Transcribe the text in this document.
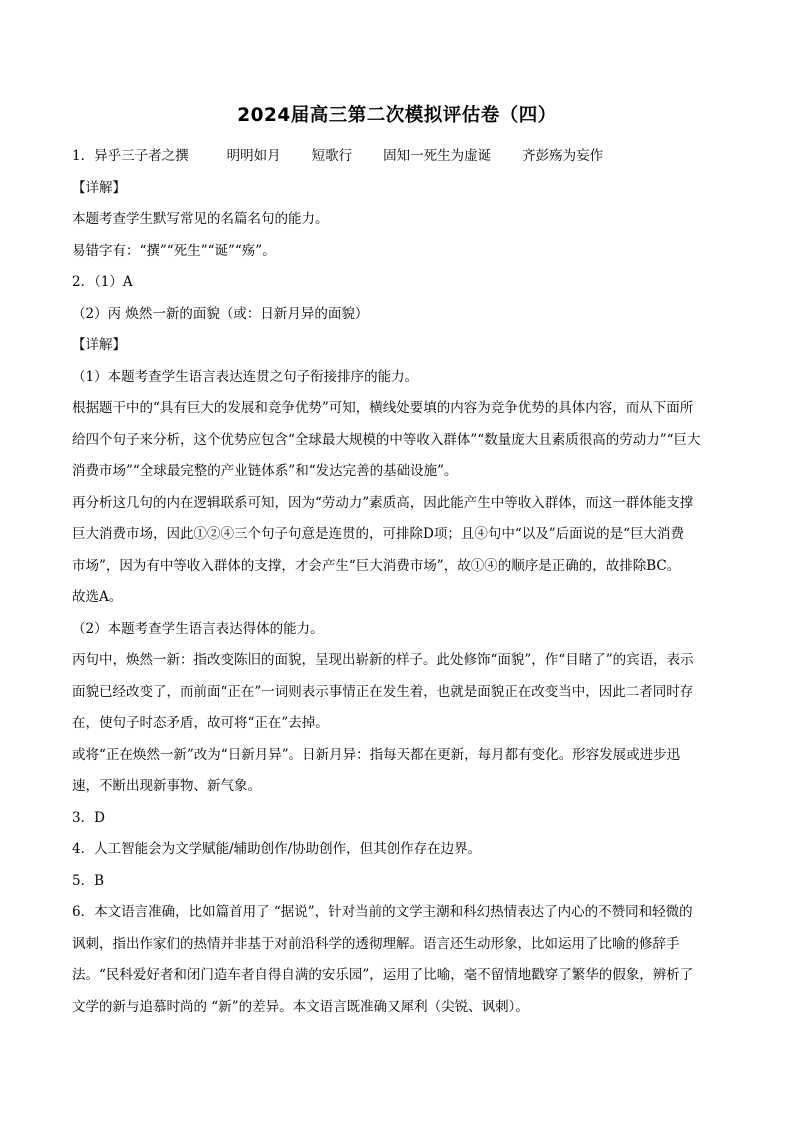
2024届高三第二次模拟评估卷（四）
1．异乎三子者之撰	明明如月 短歌行 固知一死生为虚诞 齐彭殇为妄作
【详解】
本题考查学生默写常见的名篇名句的能力。
易错字有：“撰”“死生”“诞”“殇”。
2．（1）A
（2）丙 焕然一新的面貌（或：日新月异的面貌）
【详解】
（1）本题考查学生语言表达连贯之句子衔接排序的能力。
根据题干中的“具有巨大的发展和竞争优势”可知，横线处要填的内容为竞争优势的具体内容，而从下面所
给四个句子来分析，这个优势应包含“全球最大规模的中等收入群体”“数量庞大且素质很高的劳动力”“巨大
消费市场”“全球最完整的产业链体系”和“发达完善的基础设施”。
再分析这几句的内在逻辑联系可知，因为“劳动力”素质高，因此能产生中等收入群体，而这一群体能支撑
巨大消费市场，因此①②④三个句子句意是连贯的，可排除D项；且④句中“以及”后面说的是“巨大消费
市场”，因为有中等收入群体的支撑，才会产生“巨大消费市场”，故①④的顺序是正确的，故排除BC。
故选A。
（2）本题考查学生语言表达得体的能力。
丙句中，焕然一新：指改变陈旧的面貌，呈现出崭新的样子。此处修饰“面貌”，作“目睹了”的宾语，表示
面貌已经改变了，而前面“正在”一词则表示事情正在发生着，也就是面貌正在改变当中，因此二者同时存
在，使句子时态矛盾，故可将“正在”去掉。
或将“正在焕然一新”改为“日新月异”。日新月异：指每天都在更新，每月都有变化。形容发展或进步迅
速，不断出现新事物、新气象。
3．D
4．人工智能会为文学赋能/辅助创作/协助创作，但其创作存在边界。
5．B
6．本文语言准确，比如篇首用了 “据说”，针对当前的文学主潮和科幻热情表达了内心的不赞同和轻微的
讽刺，指出作家们的热情并非基于对前沿科学的透彻理解。语言还生动形象，比如运用了比喻的修辞手
法。“民科爱好者和闭门造车者自得自满的安乐园”，运用了比喻，毫不留情地戳穿了繁华的假象，辨析了
文学的新与追慕时尚的 “新”的差异。本文语言既准确又犀利（尖锐、讽刺）。
